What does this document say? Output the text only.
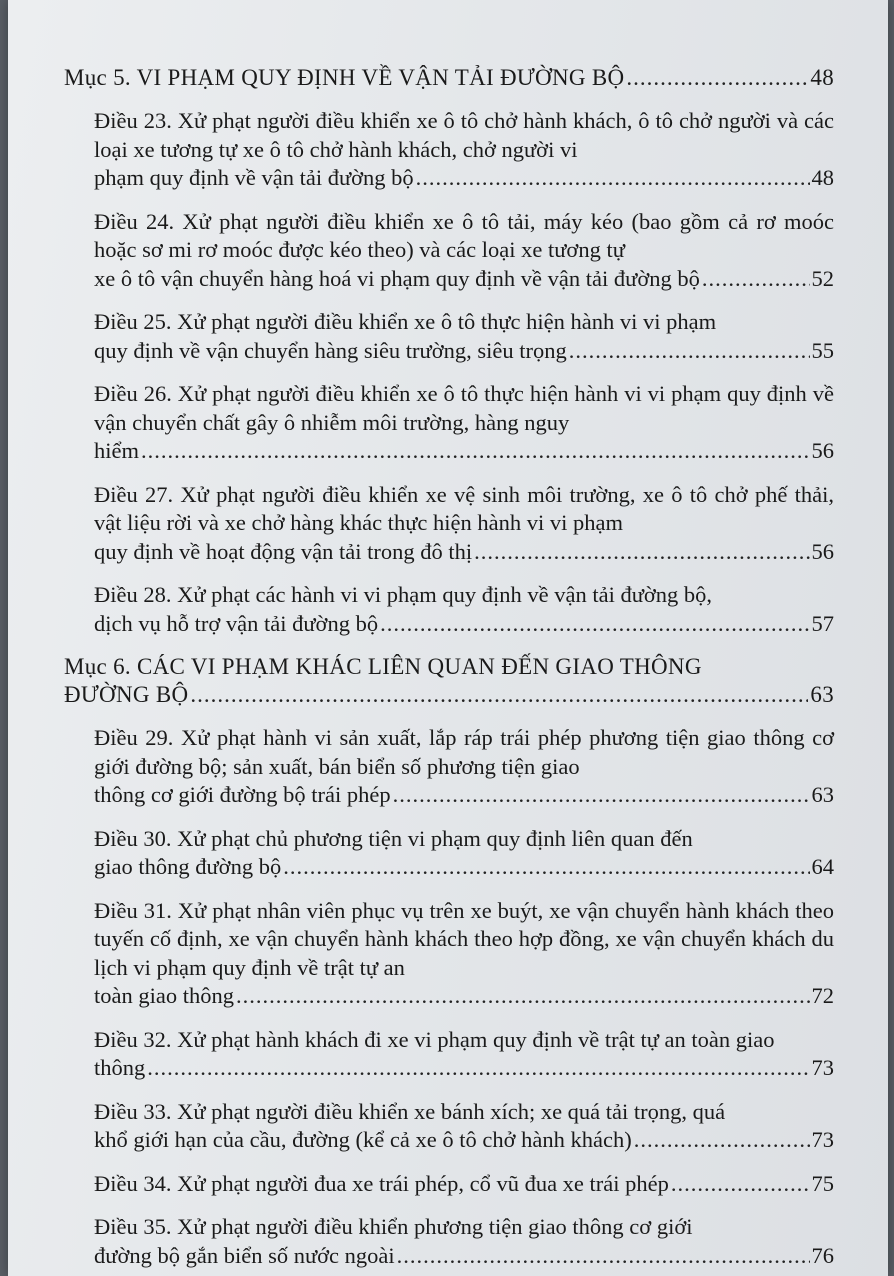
Mục 5. VI PHẠM QUY ĐỊNH VỀ VẬN TẢI ĐƯỜNG BỘ .....	48
Điều 23. Xử phạt người điều khiển xe ô tô chở hành khách, ô tô chở người và các loại xe tương tự xe ô tô chở hành khách, chở người vi
phạm quy định về vận tải đường bộ .....	48
Điều 24. Xử phạt người điều khiển xe ô tô tải, máy kéo (bao gồm cả rơ moóc hoặc sơ mi rơ moóc được kéo theo) và các loại xe tương tự
xe ô tô vận chuyển hàng hoá vi phạm quy định về vận tải đường bộ .....	52
Điều 25. Xử phạt người điều khiển xe ô tô thực hiện hành vi vi phạm
quy định về vận chuyển hàng siêu trường, siêu trọng .....	55
Điều 26. Xử phạt người điều khiển xe ô tô thực hiện hành vi vi phạm quy định về vận chuyển chất gây ô nhiễm môi trường, hàng nguy
hiểm .....	56
Điều 27. Xử phạt người điều khiển xe vệ sinh môi trường, xe ô tô chở phế thải, vật liệu rời và xe chở hàng khác thực hiện hành vi vi phạm
quy định về hoạt động vận tải trong đô thị .....	56
Điều 28. Xử phạt các hành vi vi phạm quy định về vận tải đường bộ,
dịch vụ hỗ trợ vận tải đường bộ .....	57
Mục 6. CÁC VI PHẠM KHÁC LIÊN QUAN ĐẾN GIAO THÔNG
ĐƯỜNG BỘ .....	63
Điều 29. Xử phạt hành vi sản xuất, lắp ráp trái phép phương tiện giao thông cơ giới đường bộ; sản xuất, bán biển số phương tiện giao
thông cơ giới đường bộ trái phép .....	63
Điều 30. Xử phạt chủ phương tiện vi phạm quy định liên quan đến
giao thông đường bộ .....	64
Điều 31. Xử phạt nhân viên phục vụ trên xe buýt, xe vận chuyển hành khách theo tuyến cố định, xe vận chuyển hành khách theo hợp đồng, xe vận chuyển khách du lịch vi phạm quy định về trật tự an
toàn giao thông .....	72
Điều 32. Xử phạt hành khách đi xe vi phạm quy định về trật tự an toàn giao
thông .....	73
Điều 33. Xử phạt người điều khiển xe bánh xích; xe quá tải trọng, quá
khổ giới hạn của cầu, đường (kể cả xe ô tô chở hành khách) .....	73
Điều 34. Xử phạt người đua xe trái phép, cổ vũ đua xe trái phép .....	75
Điều 35. Xử phạt người điều khiển phương tiện giao thông cơ giới
đường bộ gắn biển số nước ngoài .....	76
